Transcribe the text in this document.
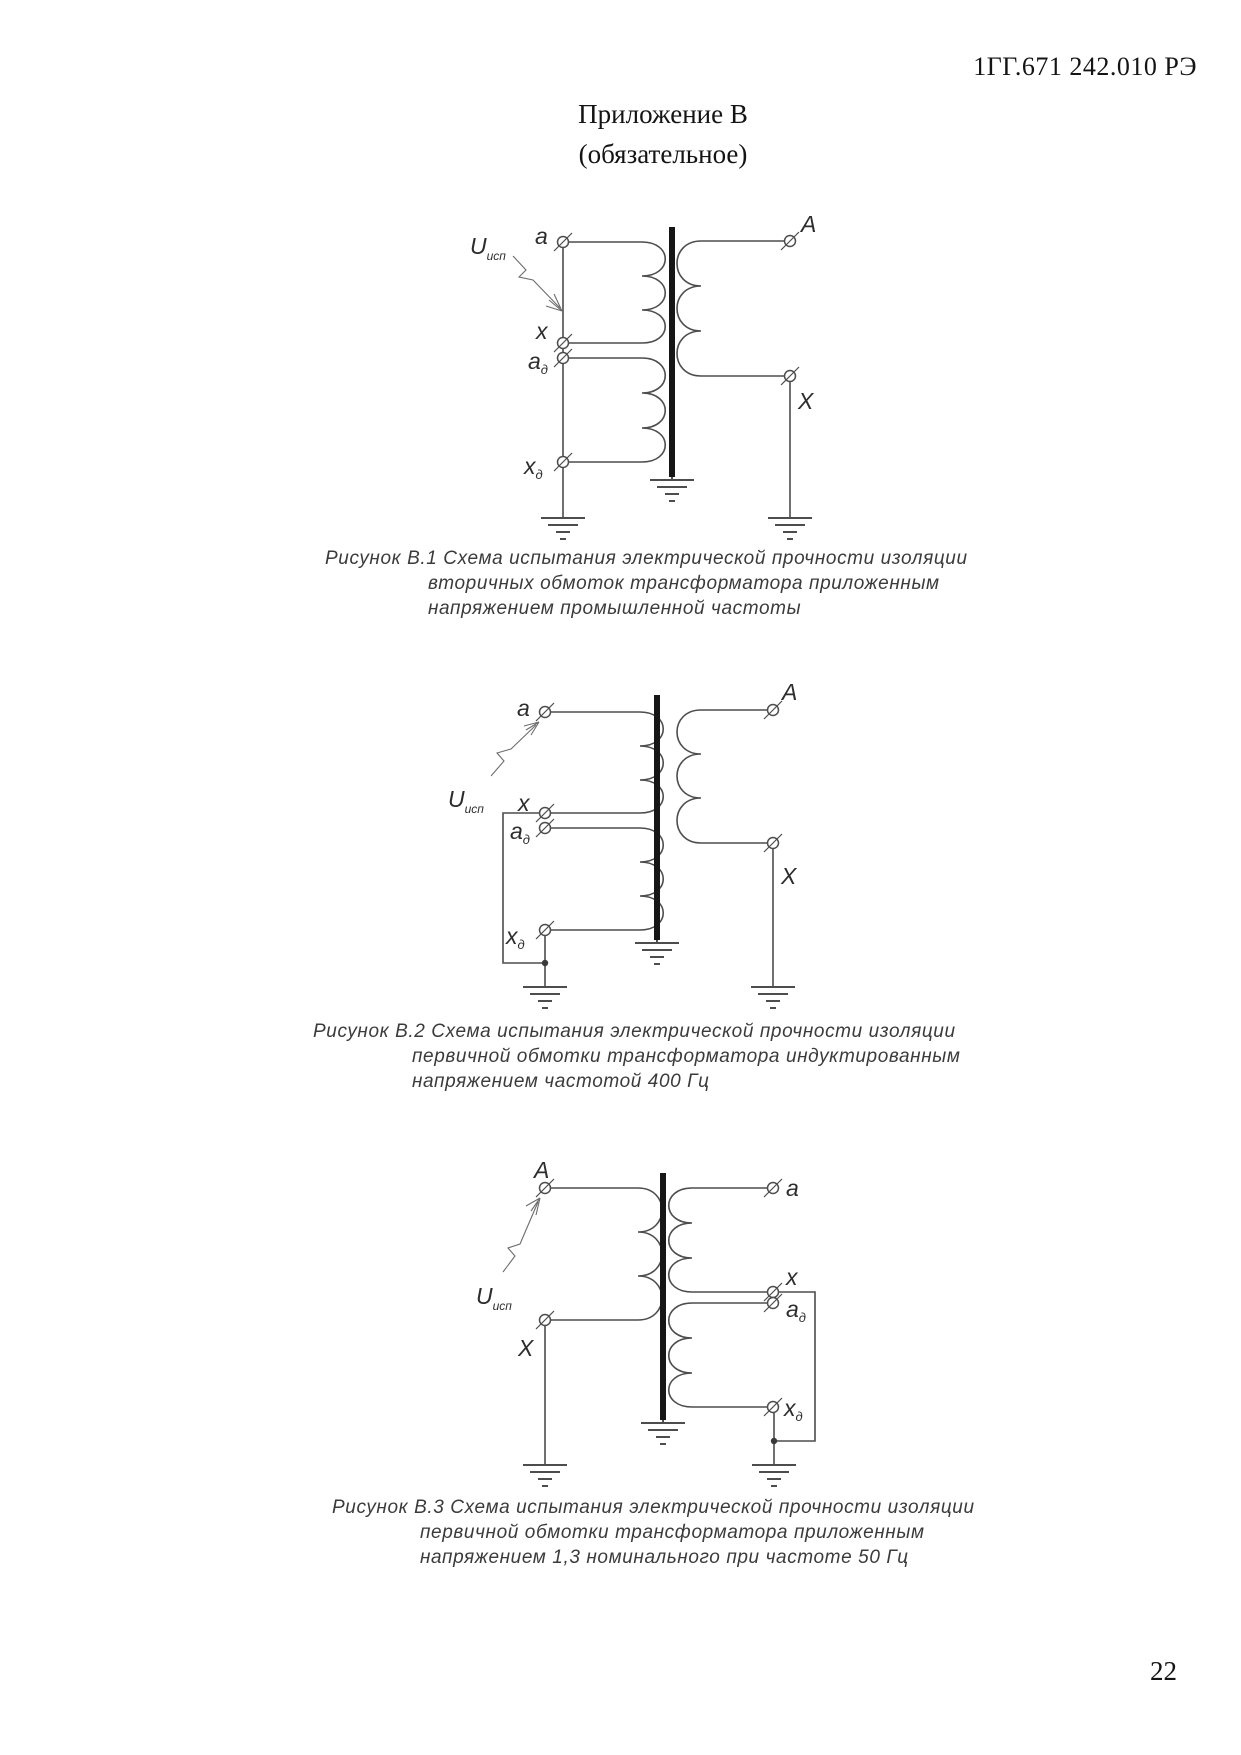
1ГГ.671 242.010 РЭ
Приложение В
(обязательное)
$U_{исп}$
a
x
$a_д$
$x_д$
A
X
Рисунок В.1 Схема испытания электрической прочности изоляции
вторичных обмоток трансформатора приложенным
напряжением промышленной частоты
$U_{исп}$
a
x
$a_д$
$x_д$
A
X
Рисунок В.2 Схема испытания электрической прочности изоляции
первичной обмотки трансформатора индуктированным
напряжением частотой 400 Гц
A
$U_{исп}$
X
a
x
$a_д$
$x_д$
Рисунок В.3 Схема испытания электрической прочности изоляции
первичной обмотки трансформатора приложенным
напряжением 1,3 номинального при частоте 50 Гц
22
